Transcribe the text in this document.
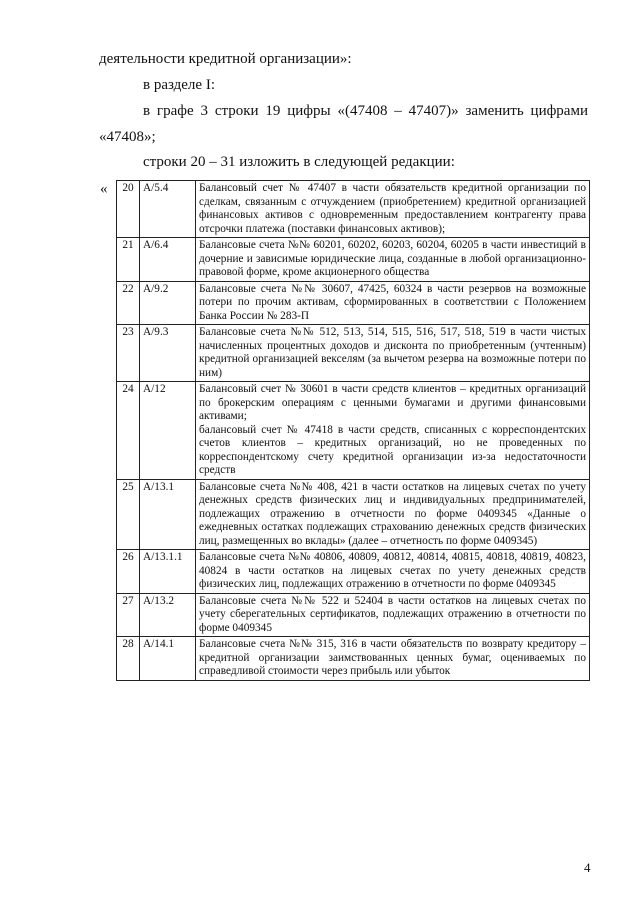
деятельности кредитной организации»:
в разделе I:
в графе 3 строки 19 цифры «(47408 – 47407)» заменить цифрами
«47408»;
строки 20 – 31 изложить в следующей редакции:
« 20	А/5.4	Балансовый счет № 47407 в части обязательств кредитной организации по сделкам, связанным с отчуждением (приобретением) кредитной организацией финансовых активов с одновременным предоставлением контрагенту права отсрочки платежа (поставки финансовых активов);
21	А/6.4	Балансовые счета №№ 60201, 60202, 60203, 60204, 60205 в части инвестиций в дочерние и зависимые юридические лица, созданные в любой организационно-правовой форме, кроме акционерного общества
22	А/9.2	Балансовые счета №№ 30607, 47425, 60324 в части резервов на возможные потери по прочим активам, сформированных в соответствии с Положением Банка России № 283-П
23	А/9.3	Балансовые счета №№ 512, 513, 514, 515, 516, 517, 518, 519 в части чистых начисленных процентных доходов и дисконта по приобретенным (учтенным) кредитной организацией векселям (за вычетом резерва на возможные потери по ним)
24	А/12	Балансовый счет № 30601 в части средств клиентов – кредитных организаций по брокерским операциям с ценными бумагами и другими финансовыми активами;
балансовый счет № 47418 в части средств, списанных с корреспондентских счетов клиентов – кредитных организаций, но не проведенных по корреспондентскому счету кредитной организации из-за недостаточности средств

25	А/13.1	Балансовые счета №№ 408, 421 в части остатков на лицевых счетах по учету денежных средств физических лиц и индивидуальных предпринимателей, подлежащих отражению в отчетности по форме 0409345 «Данные о ежедневных остатках подлежащих страхованию денежных средств физических лиц, размещенных во вклады» (далее – отчетность по форме 0409345)
26	А/13.1.1	Балансовые счета №№ 40806, 40809, 40812, 40814, 40815, 40818, 40819, 40823, 40824 в части остатков на лицевых счетах по учету денежных средств физических лиц, подлежащих отражению в отчетности по форме 0409345
27	А/13.2	Балансовые счета №№ 522 и 52404 в части остатков на лицевых счетах по учету сберегательных сертификатов, подлежащих отражению в отчетности по форме 0409345
28	А/14.1	Балансовые счета №№ 315, 316 в части обязательств по возврату кредитору – кредитной организации заимствованных ценных бумаг, оцениваемых по справедливой стоимости через прибыль или убыток
4
